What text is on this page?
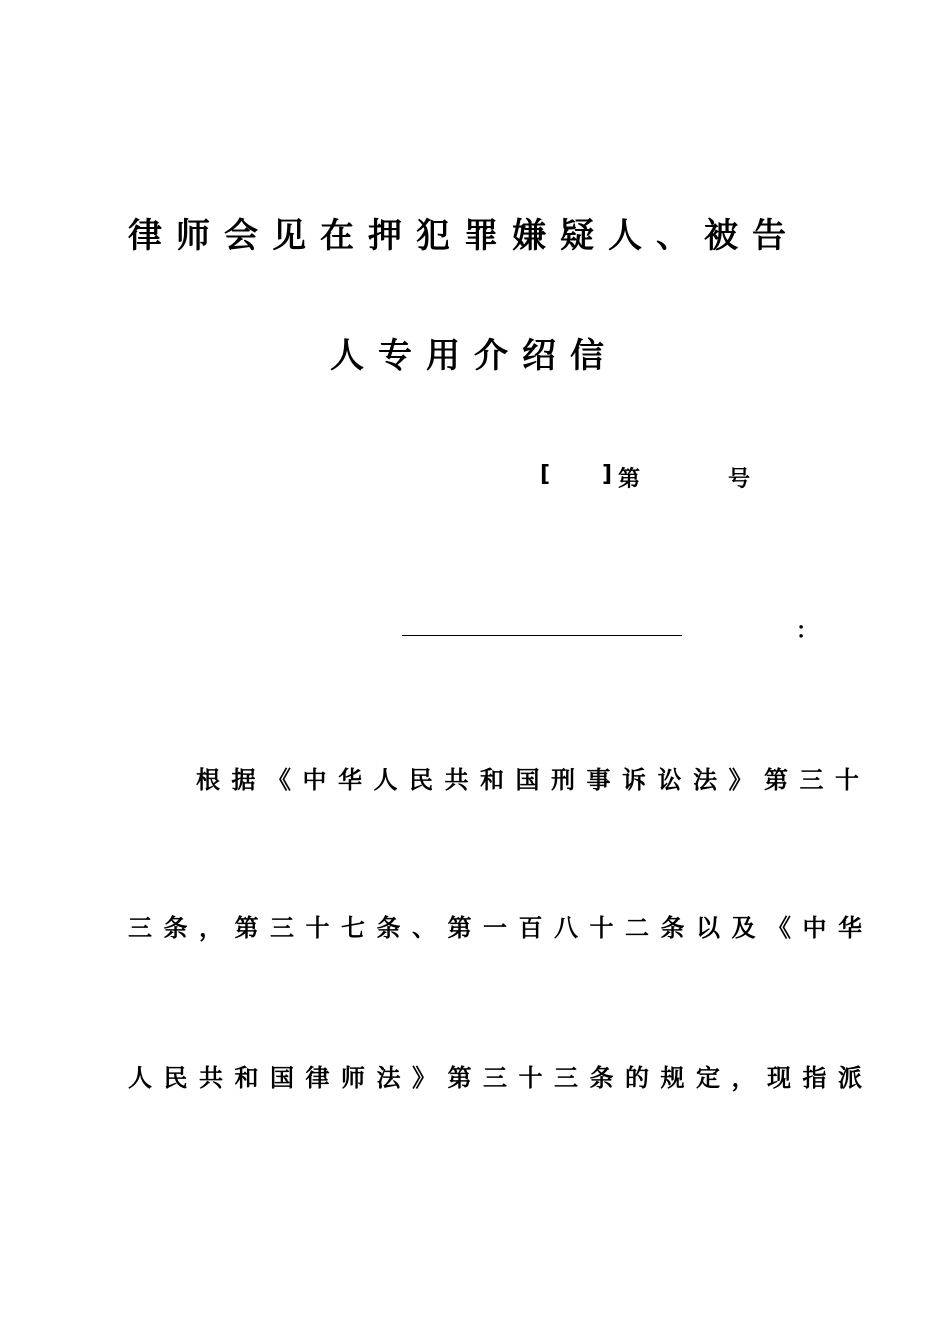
律师会见在押犯罪嫌疑人、被告
人专用介绍信
[ ] 第	号
：
根据《中华人民共和国刑事诉讼法》第三十
三条，第三十七条、第一百八十二条以及《中华
人民共和国律师法》第三十三条的规定，现指派
